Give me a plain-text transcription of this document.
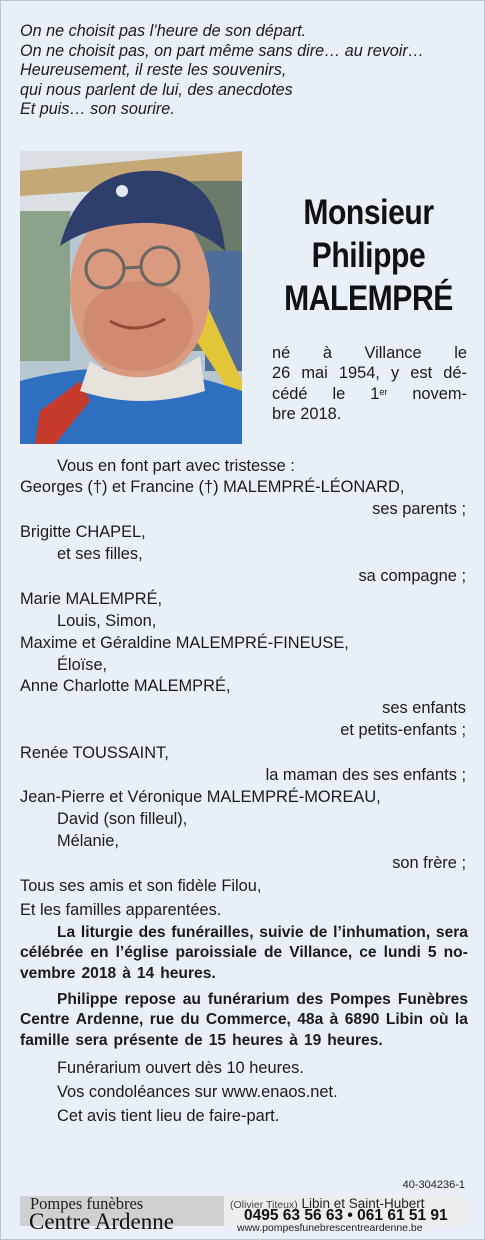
On ne choisit pas l’heure de son départ.
On ne choisit pas, on part même sans dire… au revoir…
Heureusement, il reste les souvenirs,
qui nous parlent de lui, des anecdotes
Et puis… son sourire.
Monsieur
Philippe
MALEMPRÉ
né à Villance le
26 mai 1954, y est dé-
cédé le 1er novem-
bre 2018.
Vous en font part avec tristesse :
Georges (†) et Francine (†) MALEMPRÉ-LÉONARD,
ses parents ;
Brigitte CHAPEL,
et ses filles,
sa compagne ;
Marie MALEMPRÉ,
Louis, Simon,
Maxime et Géraldine MALEMPRÉ-FINEUSE,
Éloïse,
Anne Charlotte MALEMPRÉ,
ses enfants
et petits-enfants ;
Renée TOUSSAINT,
la maman des ses enfants ;
Jean-Pierre et Véronique MALEMPRÉ-MOREAU,
David (son filleul),
Mélanie,
son frère ;
Tous ses amis et son fidèle Filou,
Et les familles apparentées.
La liturgie des funérailles, suivie de l’inhumation, sera
célébrée en l’église paroissiale de Villance, ce lundi 5 no-
vembre 2018 à 14 heures.
Philippe repose au funérarium des Pompes Funèbres
Centre Ardenne, rue du Commerce, 48a à 6890 Libin où la
famille sera présente de 15 heures à 19 heures.
Funérarium ouvert dès 10 heures.
Vos condoléances sur www.enaos.net.
Cet avis tient lieu de faire-part.
40-304236-1
Pompes funèbres
Centre Ardenne
(Olivier Titeux) Libin et Saint-Hubert
0495 63 56 63 • 061 61 51 91
www.pompesfunebrescentreardenne.be
